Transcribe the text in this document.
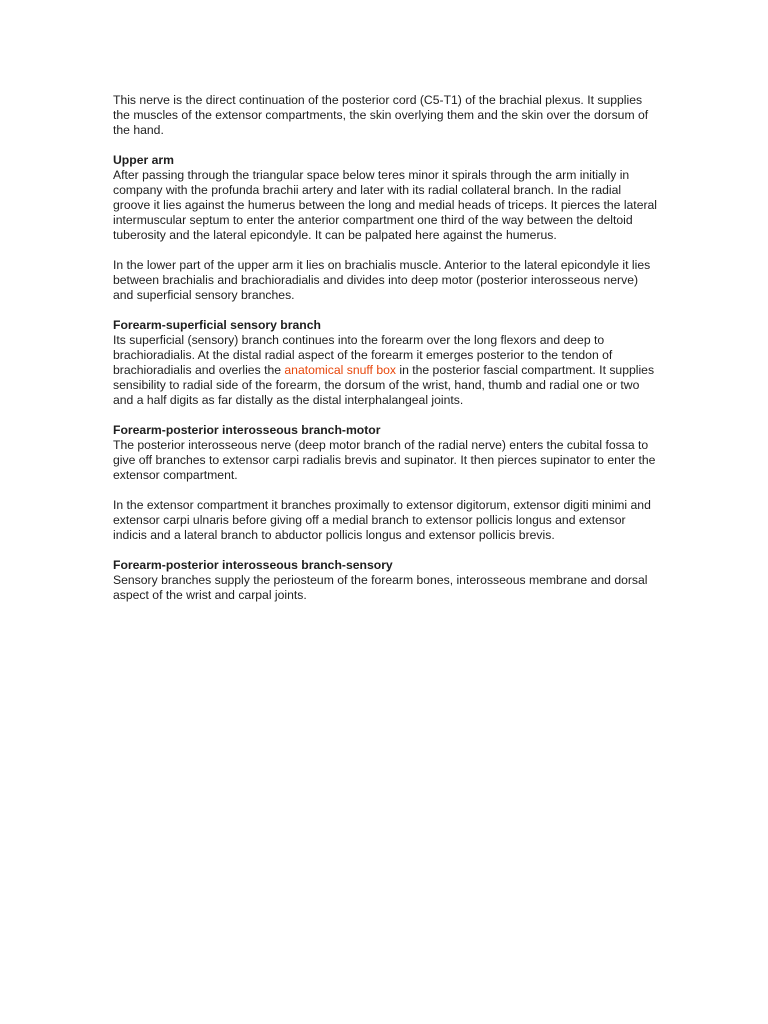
This nerve is the direct continuation of the posterior cord (C5-T1) of the brachial plexus. It supplies the muscles of the extensor compartments, the skin overlying them and the skin over the dorsum of the hand.

Upper arm

After passing through the triangular space below teres minor it spirals through the arm initially in company with the profunda brachii artery and later with its radial collateral branch. In the radial groove it lies against the humerus between the long and medial heads of triceps. It pierces the lateral intermuscular septum to enter the anterior compartment one third of the way between the deltoid tuberosity and the lateral epicondyle. It can be palpated here against the humerus.

In the lower part of the upper arm it lies on brachialis muscle. Anterior to the lateral epicondyle it lies between brachialis and brachioradialis and divides into deep motor (posterior interosseous nerve) and superficial sensory branches.

Forearm-superficial sensory branch

Its superficial (sensory) branch continues into the forearm over the long flexors and deep to brachioradialis. At the distal radial aspect of the forearm it emerges posterior to the tendon of brachioradialis and overlies the anatomical snuff box in the posterior fascial compartment. It supplies sensibility to radial side of the forearm, the dorsum of the wrist, hand, thumb and radial one or two and a half digits as far distally as the distal interphalangeal joints.

Forearm-posterior interosseous branch-motor

The posterior interosseous nerve (deep motor branch of the radial nerve) enters the cubital fossa to give off branches to extensor carpi radialis brevis and supinator. It then pierces supinator to enter the extensor compartment.

In the extensor compartment it branches proximally to extensor digitorum, extensor digiti minimi and extensor carpi ulnaris before giving off a medial branch to extensor pollicis longus and extensor indicis and a lateral branch to abductor pollicis longus and extensor pollicis brevis.

Forearm-posterior interosseous branch-sensory

Sensory branches supply the periosteum of the forearm bones, interosseous membrane and dorsal aspect of the wrist and carpal joints.
